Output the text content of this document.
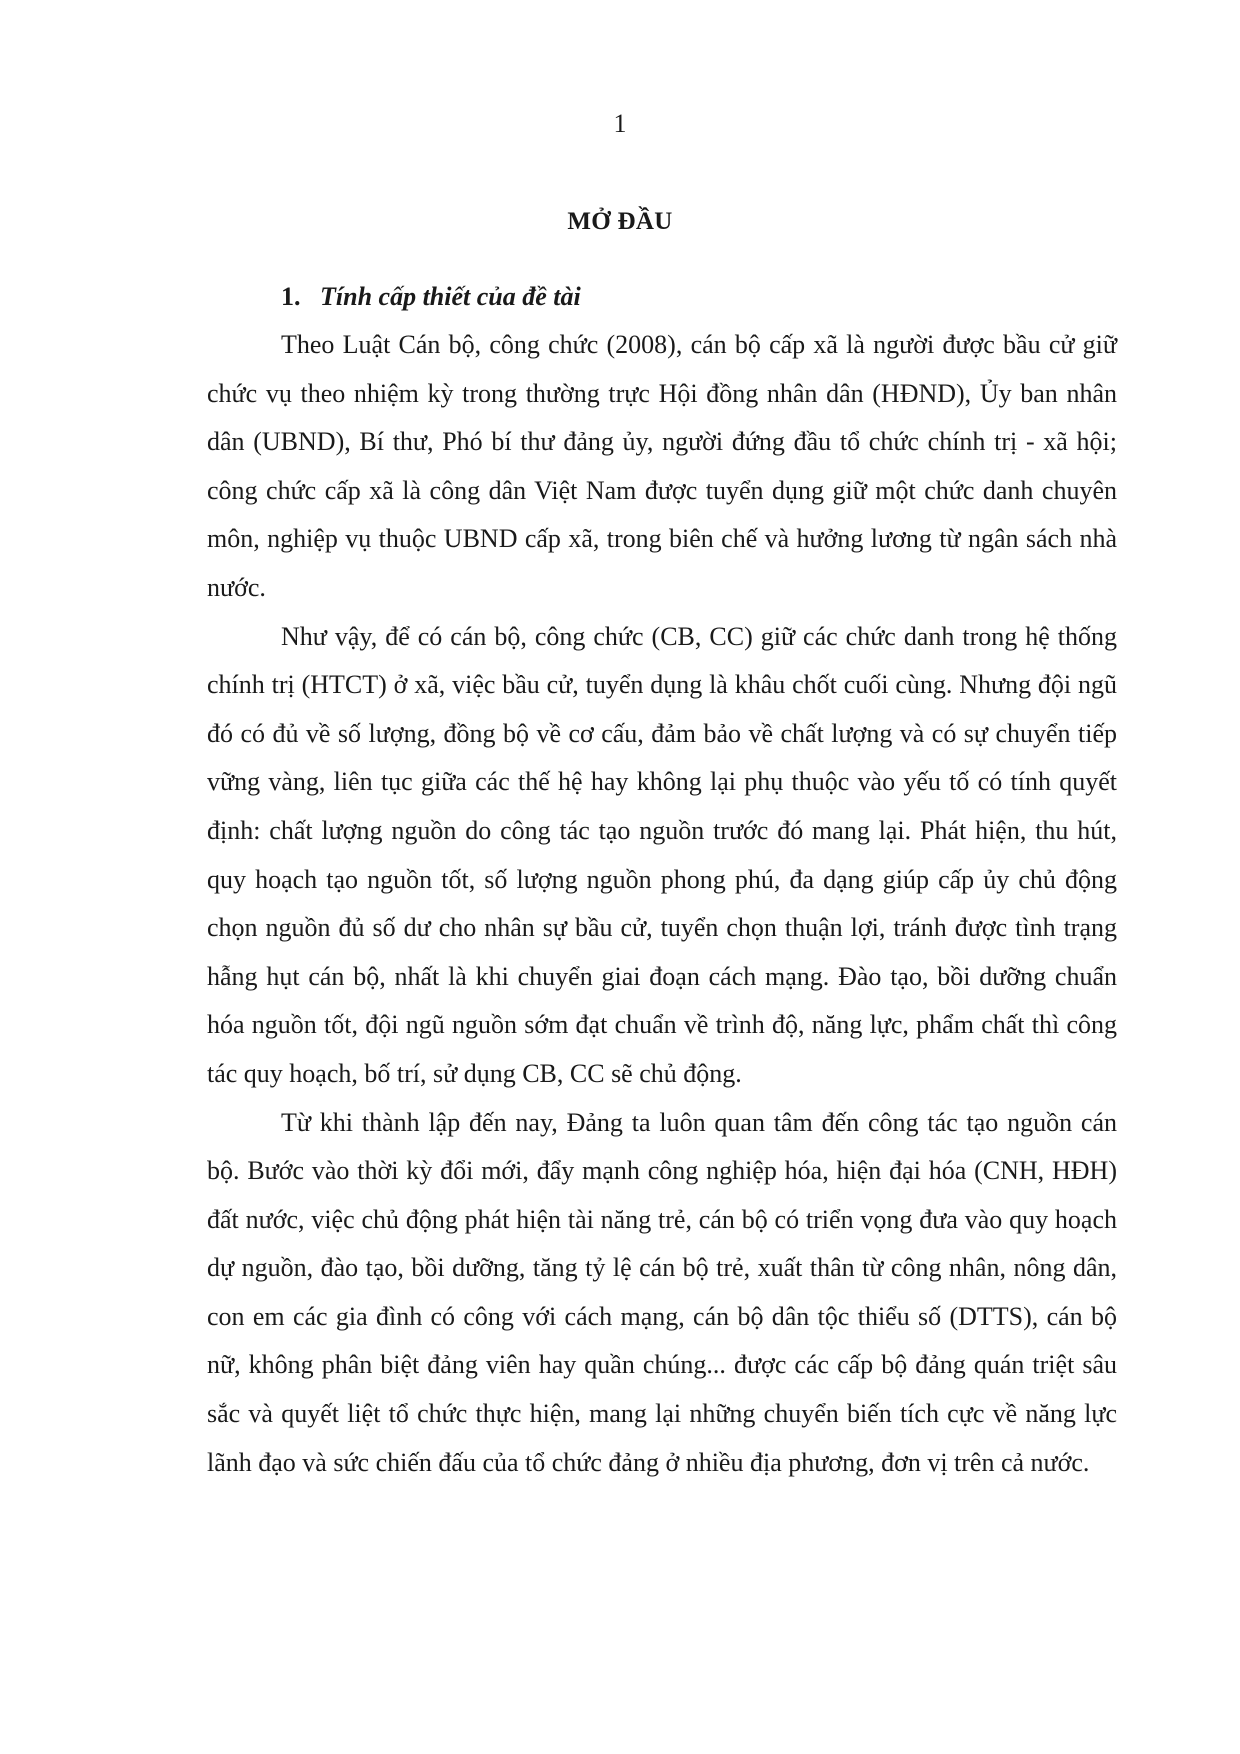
1
MỞ ĐẦU
1. Tính cấp thiết của đề tài

Theo Luật Cán bộ, công chức (2008), cán bộ cấp xã là người được bầu cử giữ chức vụ theo nhiệm kỳ trong thường trực Hội đồng nhân dân (HĐND), Ủy ban nhân dân (UBND), Bí thư, Phó bí thư đảng ủy, người đứng đầu tổ chức chính trị - xã hội; công chức cấp xã là công dân Việt Nam được tuyển dụng giữ một chức danh chuyên môn, nghiệp vụ thuộc UBND cấp xã, trong biên chế và hưởng lương từ ngân sách nhà nước.

Như vậy, để có cán bộ, công chức (CB, CC) giữ các chức danh trong hệ thống chính trị (HTCT) ở xã, việc bầu cử, tuyển dụng là khâu chốt cuối cùng. Nhưng đội ngũ đó có đủ về số lượng, đồng bộ về cơ cấu, đảm bảo về chất lượng và có sự chuyển tiếp vững vàng, liên tục giữa các thế hệ hay không lại phụ thuộc vào yếu tố có tính quyết định: chất lượng nguồn do công tác tạo nguồn trước đó mang lại. Phát hiện, thu hút, quy hoạch tạo nguồn tốt, số lượng nguồn phong phú, đa dạng giúp cấp ủy chủ động chọn nguồn đủ số dư cho nhân sự bầu cử, tuyển chọn thuận lợi, tránh được tình trạng hẫng hụt cán bộ, nhất là khi chuyển giai đoạn cách mạng. Đào tạo, bồi dưỡng chuẩn hóa nguồn tốt, đội ngũ nguồn sớm đạt chuẩn về trình độ, năng lực, phẩm chất thì công tác quy hoạch, bố trí, sử dụng CB, CC sẽ chủ động.

Từ khi thành lập đến nay, Đảng ta luôn quan tâm đến công tác tạo nguồn cán bộ. Bước vào thời kỳ đổi mới, đẩy mạnh công nghiệp hóa, hiện đại hóa (CNH, HĐH) đất nước, việc chủ động phát hiện tài năng trẻ, cán bộ có triển vọng đưa vào quy hoạch dự nguồn, đào tạo, bồi dưỡng, tăng tỷ lệ cán bộ trẻ, xuất thân từ công nhân, nông dân, con em các gia đình có công với cách mạng, cán bộ dân tộc thiểu số (DTTS), cán bộ nữ, không phân biệt đảng viên hay quần chúng... được các cấp bộ đảng quán triệt sâu sắc và quyết liệt tổ chức thực hiện, mang lại những chuyển biến tích cực về năng lực lãnh đạo và sức chiến đấu của tổ chức đảng ở nhiều địa phương, đơn vị trên cả nước.
